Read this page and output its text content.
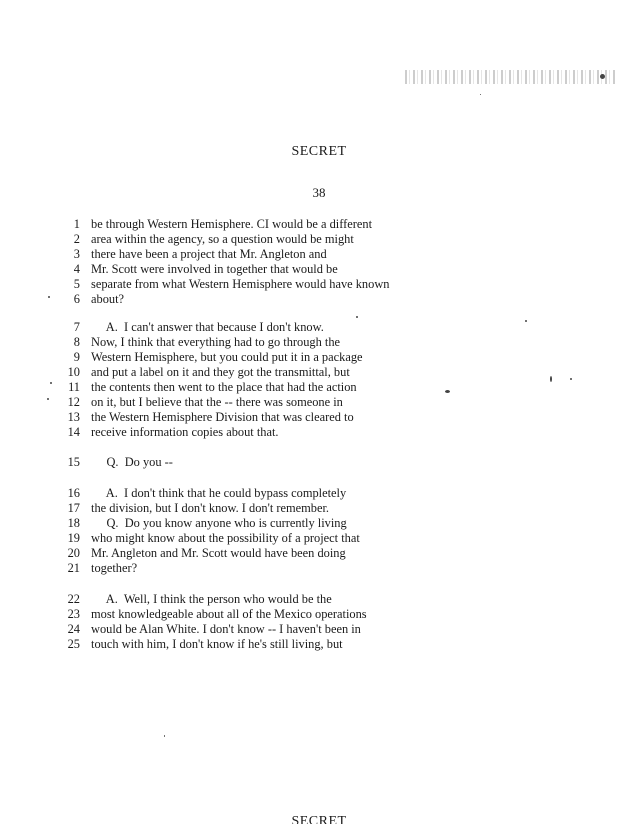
SECRET
38
1 be through Western Hemisphere. CI would be a different
2 area within the agency, so a question would be might
3 there have been a project that Mr. Angleton and
4 Mr. Scott were involved in together that would be
5 separate from what Western Hemisphere would have known
6 about?
7 A.  I can't answer that because I don't know.
8 Now, I think that everything had to go through the
9 Western Hemisphere, but you could put it in a package
10 and put a label on it and they got the transmittal, but
11 the contents then went to the place that had the action
12 on it, but I believe that the -- there was someone in
13 the Western Hemisphere Division that was cleared to
14 receive information copies about that.
15 Q.  Do you --
16 A.  I don't think that he could bypass completely
17 the division, but I don't know. I don't remember.
18 Q.  Do you know anyone who is currently living
19 who might know about the possibility of a project that
20 Mr. Angleton and Mr. Scott would have been doing
21 together?
22 A.  Well, I think the person who would be the
23 most knowledgeable about all of the Mexico operations
24 would be Alan White. I don't know -- I haven't been in
25 touch with him, I don't know if he's still living, but
SECRET
